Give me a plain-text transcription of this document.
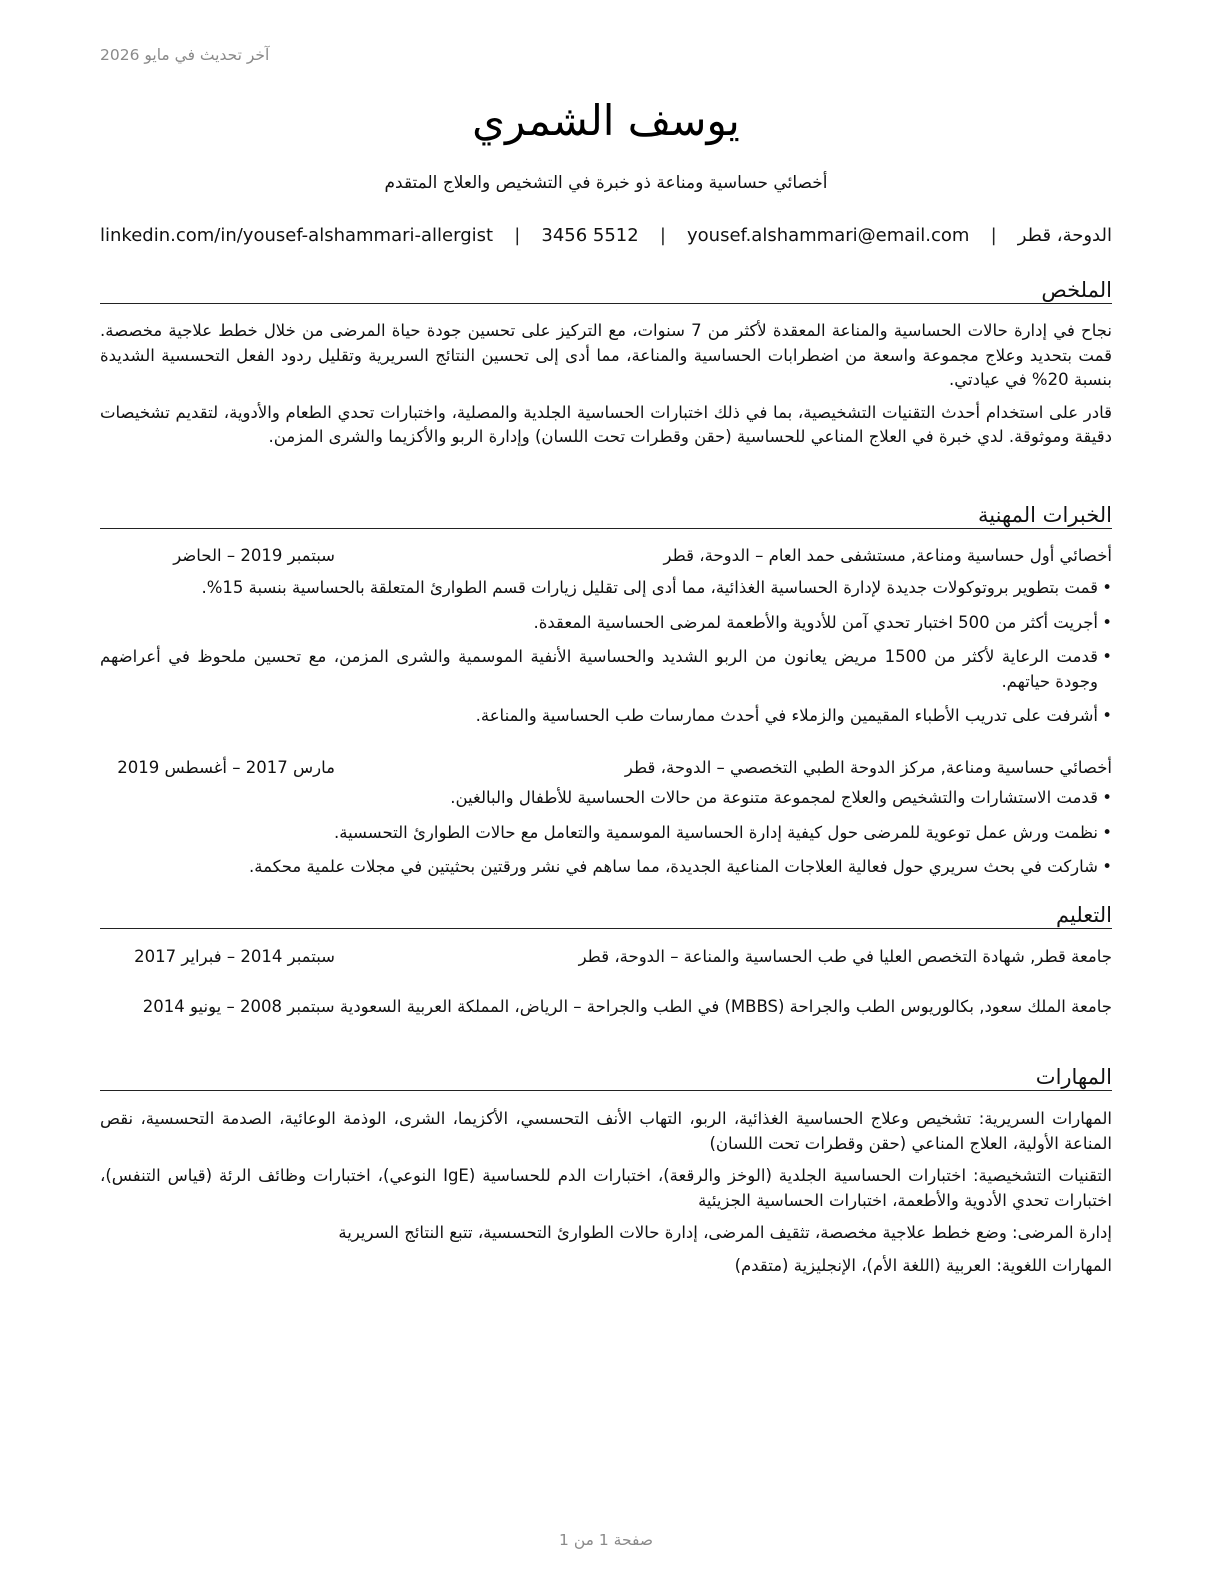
آخر تحديث في مايو 2026
يوسف الشمري
أخصائي حساسية ومناعة ذو خبرة في التشخيص والعلاج المتقدم
الدوحة، قطر
|
yousef.alshammari@email.com
|
3456 5512
|
linkedin.com/in/yousef-alshammari-allergist
الملخص

نجاح في إدارة حالات الحساسية والمناعة المعقدة لأكثر من 7 سنوات، مع التركيز على تحسين جودة حياة المرضى من خلال خطط علاجية مخصصة. قمت بتحديد وعلاج مجموعة واسعة من اضطرابات الحساسية والمناعة، مما أدى إلى تحسين النتائج السريرية وتقليل ردود الفعل التحسسية الشديدة بنسبة 20% في عيادتي.

قادر على استخدام أحدث التقنيات التشخيصية، بما في ذلك اختبارات الحساسية الجلدية والمصلية، واختبارات تحدي الطعام والأدوية، لتقديم تشخيصات دقيقة وموثوقة. لدي خبرة في العلاج المناعي للحساسية (حقن وقطرات تحت اللسان) وإدارة الربو والأكزيما والشرى المزمن.

الخبرات المهنية
أخصائي أول حساسية ومناعة, مستشفى حمد العام – الدوحة، قطر
سبتمبر 2019 – الحاضر
• قمت بتطوير بروتوكولات جديدة لإدارة الحساسية الغذائية، مما أدى إلى تقليل زيارات قسم الطوارئ المتعلقة بالحساسية بنسبة 15%.
• أجريت أكثر من 500 اختبار تحدي آمن للأدوية والأطعمة لمرضى الحساسية المعقدة.
• قدمت الرعاية لأكثر من 1500 مريض يعانون من الربو الشديد والحساسية الأنفية الموسمية والشرى المزمن، مع تحسين ملحوظ في أعراضهم وجودة حياتهم.
• أشرفت على تدريب الأطباء المقيمين والزملاء في أحدث ممارسات طب الحساسية والمناعة.
أخصائي حساسية ومناعة, مركز الدوحة الطبي التخصصي – الدوحة، قطر
مارس 2017 – أغسطس 2019
• قدمت الاستشارات والتشخيص والعلاج لمجموعة متنوعة من حالات الحساسية للأطفال والبالغين.
• نظمت ورش عمل توعوية للمرضى حول كيفية إدارة الحساسية الموسمية والتعامل مع حالات الطوارئ التحسسية.
• شاركت في بحث سريري حول فعالية العلاجات المناعية الجديدة، مما ساهم في نشر ورقتين بحثيتين في مجلات علمية محكمة.
التعليم
جامعة قطر, شهادة التخصص العليا في طب الحساسية والمناعة – الدوحة، قطر
سبتمبر 2014 – فبراير 2017
جامعة الملك سعود, بكالوريوس الطب والجراحة (MBBS) في الطب والجراحة – الرياض، المملكة العربية السعودية سبتمبر 2008 – يونيو 2014
المهارات

المهارات السريرية: تشخيص وعلاج الحساسية الغذائية، الربو، التهاب الأنف التحسسي، الأكزيما، الشرى، الوذمة الوعائية، الصدمة التحسسية، نقص المناعة الأولية، العلاج المناعي (حقن وقطرات تحت اللسان)

التقنيات التشخيصية: اختبارات الحساسية الجلدية (الوخز والرقعة)، اختبارات الدم للحساسية (IgE النوعي)، اختبارات وظائف الرئة (قياس التنفس)، اختبارات تحدي الأدوية والأطعمة، اختبارات الحساسية الجزيئية

إدارة المرضى: وضع خطط علاجية مخصصة، تثقيف المرضى، إدارة حالات الطوارئ التحسسية، تتبع النتائج السريرية

المهارات اللغوية: العربية (اللغة الأم)، الإنجليزية (متقدم)

صفحة 1 من 1
